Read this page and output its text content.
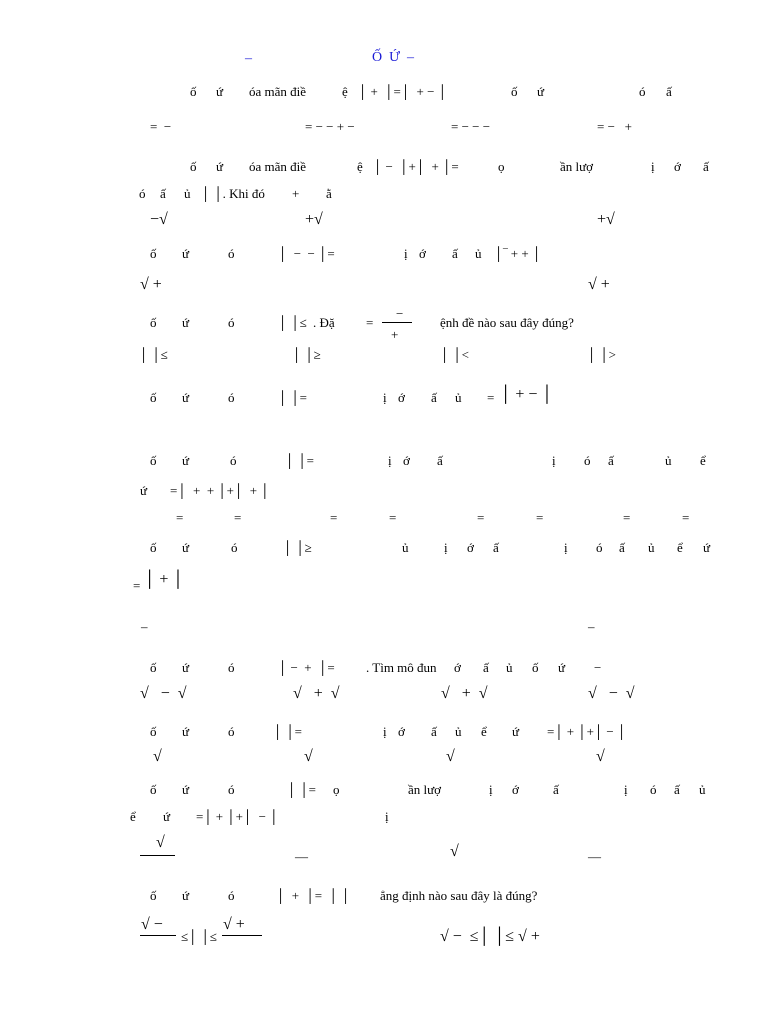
–	Ố  Ứ  –
ố ứ óa mãn điề	ệ │ +  │=│  + − │	ố ứ	ó ấ
=  −	= − − + −	= − − −	= −   +
ố ứ óa mãn điề	ệ │ −  │+│  + │=	ọ	ần lượ	ị ớ ấ
ó ấ ủ │ │. Khi đó + ằ
−√	+√	+√
ố ứ	ó	│  −  − │=	ị ớ ấ ủ │‾ + + │
√ +	√ +
ố ứ	ó	│ │≤ . Đặ =
−
+
ệnh đề nào sau đây đúng?
│ │≤	│ │≥	│ │<	│ │>
ố ứ	ó	│ │=	ị ớ ấ ủ = │ + − │
ố ứ	ó	│ │=	ị ớ ấ	ị ó ấ	ủ ể
ứ =│  +  + │+│  + │
=	=	=	=	=	=	=	=
ố ứ	ó	│ │≥	ủ	ị ớ ấ	ị ó ấ ủ ể ứ
= │ + │
–	–
ố ứ	ó	│ −  +  │= . Tìm mô đun ớ ấ ủ ố ứ −
√   −  √	√   +  √	√   +  √	√   −  √
ố ứ	ó	│ │=	ị ớ ấ ủ ể ứ =│ + │+│ − │
√	√	√	√
ố ứ	ó	│ │= ọ	ần lượ	ị ớ	ấ	ị ó ấ ủ
ể ứ =│ + │+│  − │	ị
√
—	√	—
ố ứ	ó	│  +  │=  │ │ ẳng định nào sau đây là đúng?
√ −
≤│ │≤
√ +
√ −  ≤│ │≤ √ +
